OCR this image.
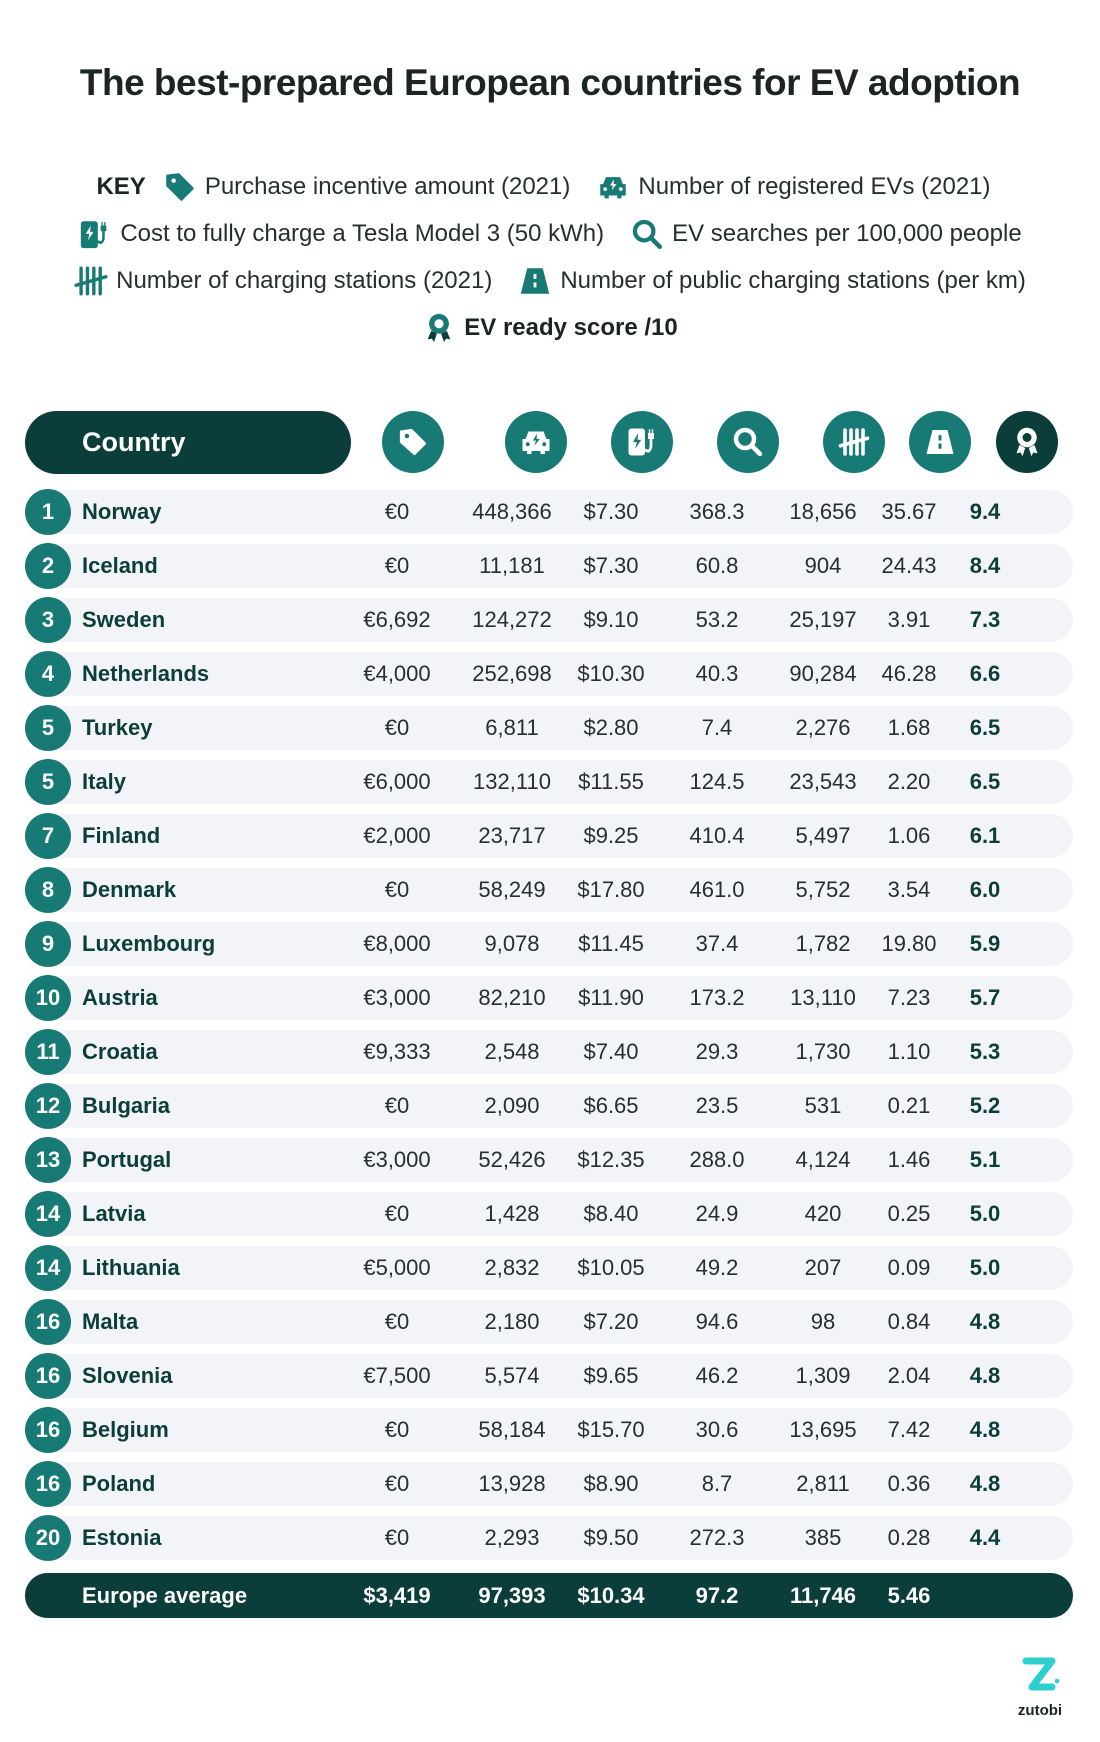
The best-prepared European countries for EV adoption
KEY Purchase incentive amount (2021)	Number of registered EVs (2021)
Cost to fully charge a Tesla Model 3 (50 kWh)	EV searches per 100,000 people
Number of charging stations (2021)	Number of public charging stations (per km)
EV ready score /10
Country
1	Norway	€0	448,366	$7.30	368.3	18,656	35.67	9.4
2	Iceland	€0	11,181	$7.30	60.8	904	24.43	8.4
3	Sweden	€6,692	124,272	$9.10	53.2	25,197	3.91	7.3
4	Netherlands	€4,000	252,698	$10.30	40.3	90,284	46.28	6.6
5	Turkey	€0	6,811	$2.80	7.4	2,276	1.68	6.5
5	Italy	€6,000	132,110	$11.55	124.5	23,543	2.20	6.5
7	Finland	€2,000	23,717	$9.25	410.4	5,497	1.06	6.1
8	Denmark	€0	58,249	$17.80	461.0	5,752	3.54	6.0
9	Luxembourg	€8,000	9,078	$11.45	37.4	1,782	19.80	5.9
10 Austria	€3,000	82,210	$11.90	173.2	13,110	7.23	5.7
11	Croatia	€9,333	2,548	$7.40	29.3	1,730	1.10	5.3
12 Bulgaria	€0	2,090	$6.65	23.5	531	0.21	5.2
13 Portugal	€3,000	52,426	$12.35	288.0	4,124	1.46	5.1
14 Latvia	€0	1,428	$8.40	24.9	420	0.25	5.0
14 Lithuania	€5,000	2,832	$10.05	49.2	207	0.09	5.0
16 Malta	€0	2,180	$7.20	94.6	98	0.84	4.8
16 Slovenia	€7,500	5,574	$9.65	46.2	1,309	2.04	4.8
16 Belgium	€0	58,184	$15.70	30.6	13,695	7.42	4.8
16 Poland	€0	13,928	$8.90	8.7	2,811	0.36	4.8
20 Estonia	€0	2,293	$9.50	272.3	385	0.28	4.4
Europe average	$3,419	97,393	$10.34	97.2	11,746	5.46
zutobi
